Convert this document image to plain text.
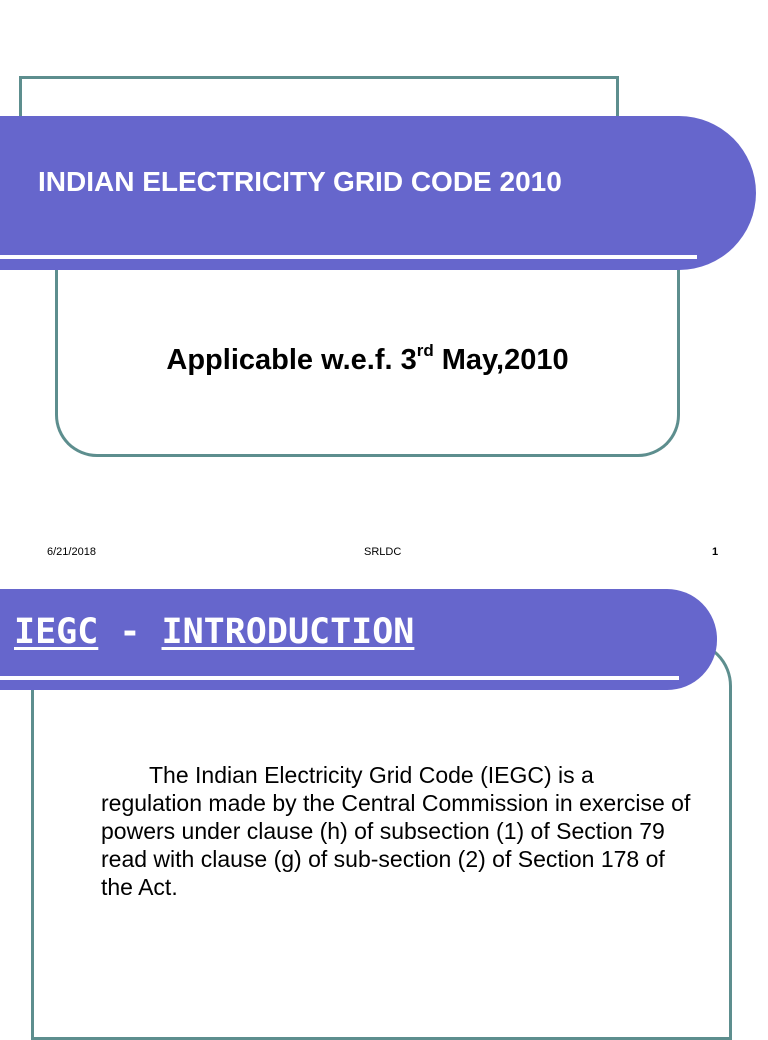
INDIAN ELECTRICITY GRID CODE 2010
Applicable w.e.f. 3rd May,2010
6/21/2018	SRLDC	1
IEGC - INTRODUCTION
The Indian Electricity Grid Code (IEGC) is a regulation made by the Central Commission in exercise of powers under clause (h) of subsection (1) of Section 79 read with clause (g) of sub-section (2) of Section 178 of the Act.
